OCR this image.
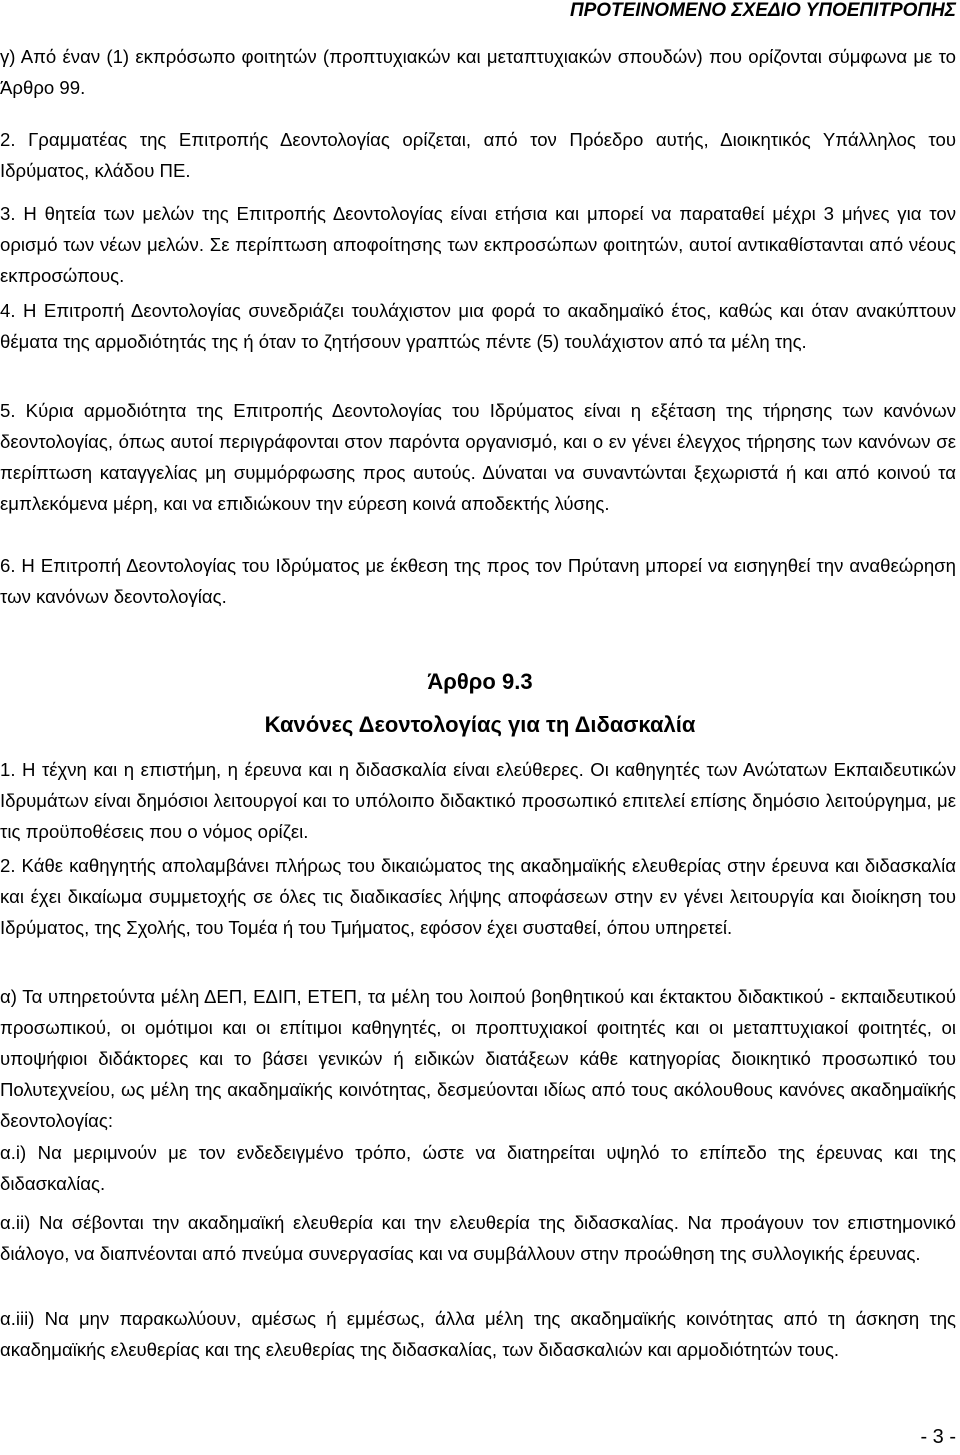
ΠΡΟΤΕΙΝΟΜΕΝΟ ΣΧΕΔΙΟ ΥΠΟΕΠΙΤΡΟΠΗΣ

γ) Από έναν (1) εκπρόσωπο φοιτητών (προπτυχιακών και μεταπτυχιακών σπουδών) που ορίζονται σύμφωνα με το Άρθρο 99.

2. Γραμματέας της Επιτροπής Δεοντολογίας ορίζεται, από τον Πρόεδρο αυτής, Διοικητικός Υπάλληλος του Ιδρύματος, κλάδου ΠΕ.

3. Η θητεία των μελών της Επιτροπής Δεοντολογίας είναι ετήσια και μπορεί να παραταθεί μέχρι 3 μήνες για τον ορισμό των νέων μελών. Σε περίπτωση αποφοίτησης των εκπροσώπων φοιτητών, αυτοί αντικαθίστανται από νέους εκπροσώπους.

4. Η Επιτροπή Δεοντολογίας συνεδριάζει τουλάχιστον μια φορά το ακαδημαϊκό έτος, καθώς και όταν ανακύπτουν θέματα της αρμοδιότητάς της ή όταν το ζητήσουν γραπτώς πέντε (5) τουλάχιστον από τα μέλη της.

5. Κύρια αρμοδιότητα της Επιτροπής Δεοντολογίας του Ιδρύματος είναι η εξέταση της τήρησης των κανόνων δεοντολογίας, όπως αυτοί περιγράφονται στον παρόντα οργανισμό, και ο εν γένει έλεγχος τήρησης των κανόνων σε περίπτωση καταγγελίας μη συμμόρφωσης προς αυτούς. Δύναται να συναντώνται ξεχωριστά ή και από κοινού τα εμπλεκόμενα μέρη, και να επιδιώκουν την εύρεση κοινά αποδεκτής λύσης.

6. Η Επιτροπή Δεοντολογίας του Ιδρύματος με έκθεση της προς τον Πρύτανη μπορεί να εισηγηθεί την αναθεώρηση των κανόνων δεοντολογίας.

Άρθρο 9.3
Κανόνες Δεοντολογίας για τη Διδασκαλία

1. Η τέχνη και η επιστήμη, η έρευνα και η διδασκαλία είναι ελεύθερες. Οι καθηγητές των Ανώτατων Εκπαιδευτικών Ιδρυμάτων είναι δημόσιοι λειτουργοί και το υπόλοιπο διδακτικό προσωπικό επιτελεί επίσης δημόσιο λειτούργημα, με τις προϋποθέσεις που ο νόμος ορίζει.

2. Κάθε καθηγητής απολαμβάνει πλήρως του δικαιώματος της ακαδημαϊκής ελευθερίας στην έρευνα και διδασκαλία και έχει δικαίωμα συμμετοχής σε όλες τις διαδικασίες λήψης αποφάσεων στην εν γένει λειτουργία και διοίκηση του Ιδρύματος, της Σχολής, του Τομέα ή του Τμήματος, εφόσον έχει συσταθεί, όπου υπηρετεί.

α) Τα υπηρετούντα μέλη ΔΕΠ, ΕΔΙΠ, ΕΤΕΠ, τα μέλη του λοιπού βοηθητικού και έκτακτου διδακτικού - εκπαιδευτικού προσωπικού, οι ομότιμοι και οι επίτιμοι καθηγητές, οι προπτυχιακοί φοιτητές και οι μεταπτυχιακοί φοιτητές, οι υποψήφιοι διδάκτορες και το βάσει γενικών ή ειδικών διατάξεων κάθε κατηγορίας διοικητικό προσωπικό του Πολυτεχνείου, ως μέλη της ακαδημαϊκής κοινότητας, δεσμεύονται ιδίως από τους ακόλουθους κανόνες ακαδημαϊκής δεοντολογίας:

α.i) Να μεριμνούν με τον ενδεδειγμένο τρόπο, ώστε να διατηρείται υψηλό το επίπεδο της έρευνας και της διδασκαλίας.

α.ii) Να σέβονται την ακαδημαϊκή ελευθερία και την ελευθερία της διδασκαλίας. Να προάγουν τον επιστημονικό διάλογο, να διαπνέονται από πνεύμα συνεργασίας και να συμβάλλουν στην προώθηση της συλλογικής έρευνας.

α.iii) Να μην παρακωλύουν, αμέσως ή εμμέσως, άλλα μέλη της ακαδημαϊκής κοινότητας από τη άσκηση της ακαδημαϊκής ελευθερίας και της ελευθερίας της διδασκαλίας, των διδασκαλιών και αρμοδιότητών τους.

- 3 -
